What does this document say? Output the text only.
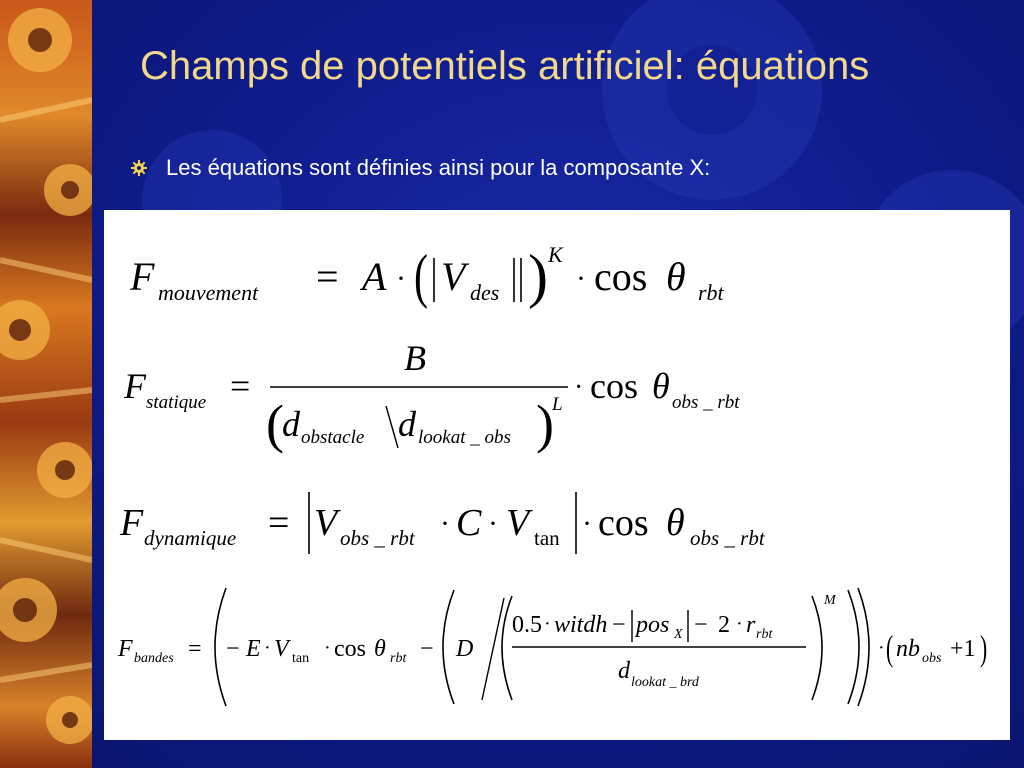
Champs de potentiels artificiel: équations
Les équations sont définies ainsi pour la composante X:
F mouvement = A · ( V des ) K
· cos θ rbt
F statique =
B
(
d obstacle d lookat _ obs )
L
· cos θ obs _ rbt
F dynamique = V obs _ rbt · C · V tan · cos θ obs _ rbt
F bandes = − E · V tan · cos θ rbt − D
0.5 · witdh − pos X − 2 · r rbt
d lookat _ brd
M
· ( nb obs +1 )
